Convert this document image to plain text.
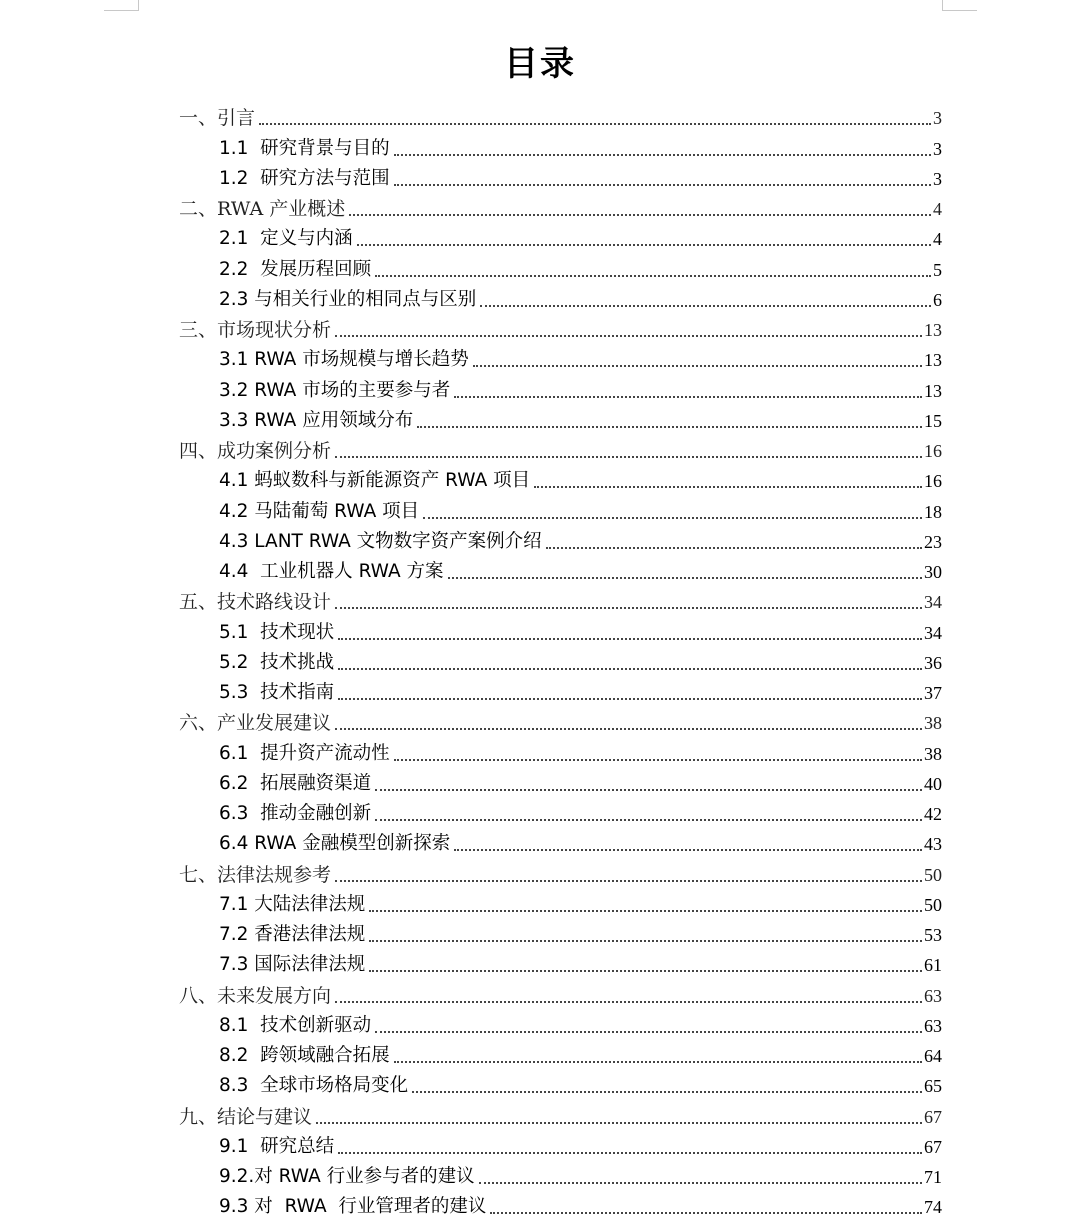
目录
一、引言	3
1.1  研究背景与目的	3
1.2  研究方法与范围	3
二、RWA 产业概述	4
2.1  定义与内涵	4
2.2  发展历程回顾	5
2.3 与相关行业的相同点与区别	6
三、市场现状分析	13
3.1 RWA 市场规模与增长趋势	13
3.2 RWA 市场的主要参与者	13
3.3 RWA 应用领域分布	15
四、成功案例分析	16
4.1 蚂蚁数科与新能源资产 RWA 项目	16
4.2 马陆葡萄 RWA 项目	18
4.3 LANT RWA 文物数字资产案例介绍	23
4.4  工业机器人 RWA 方案	30
五、技术路线设计	34
5.1  技术现状	34
5.2  技术挑战	36
5.3  技术指南	37
六、产业发展建议	38
6.1  提升资产流动性	38
6.2  拓展融资渠道	40
6.3  推动金融创新	42
6.4 RWA 金融模型创新探索	43
七、法律法规参考	50
7.1 大陆法律法规	50
7.2 香港法律法规	53
7.3 国际法律法规	61
八、未来发展方向	63
8.1  技术创新驱动	63
8.2  跨领域融合拓展	64
8.3  全球市场格局变化	65
九、结论与建议	67
9.1  研究总结	67
9.2.对 RWA 行业参与者的建议	71
9.3 对  RWA  行业管理者的建议	74
